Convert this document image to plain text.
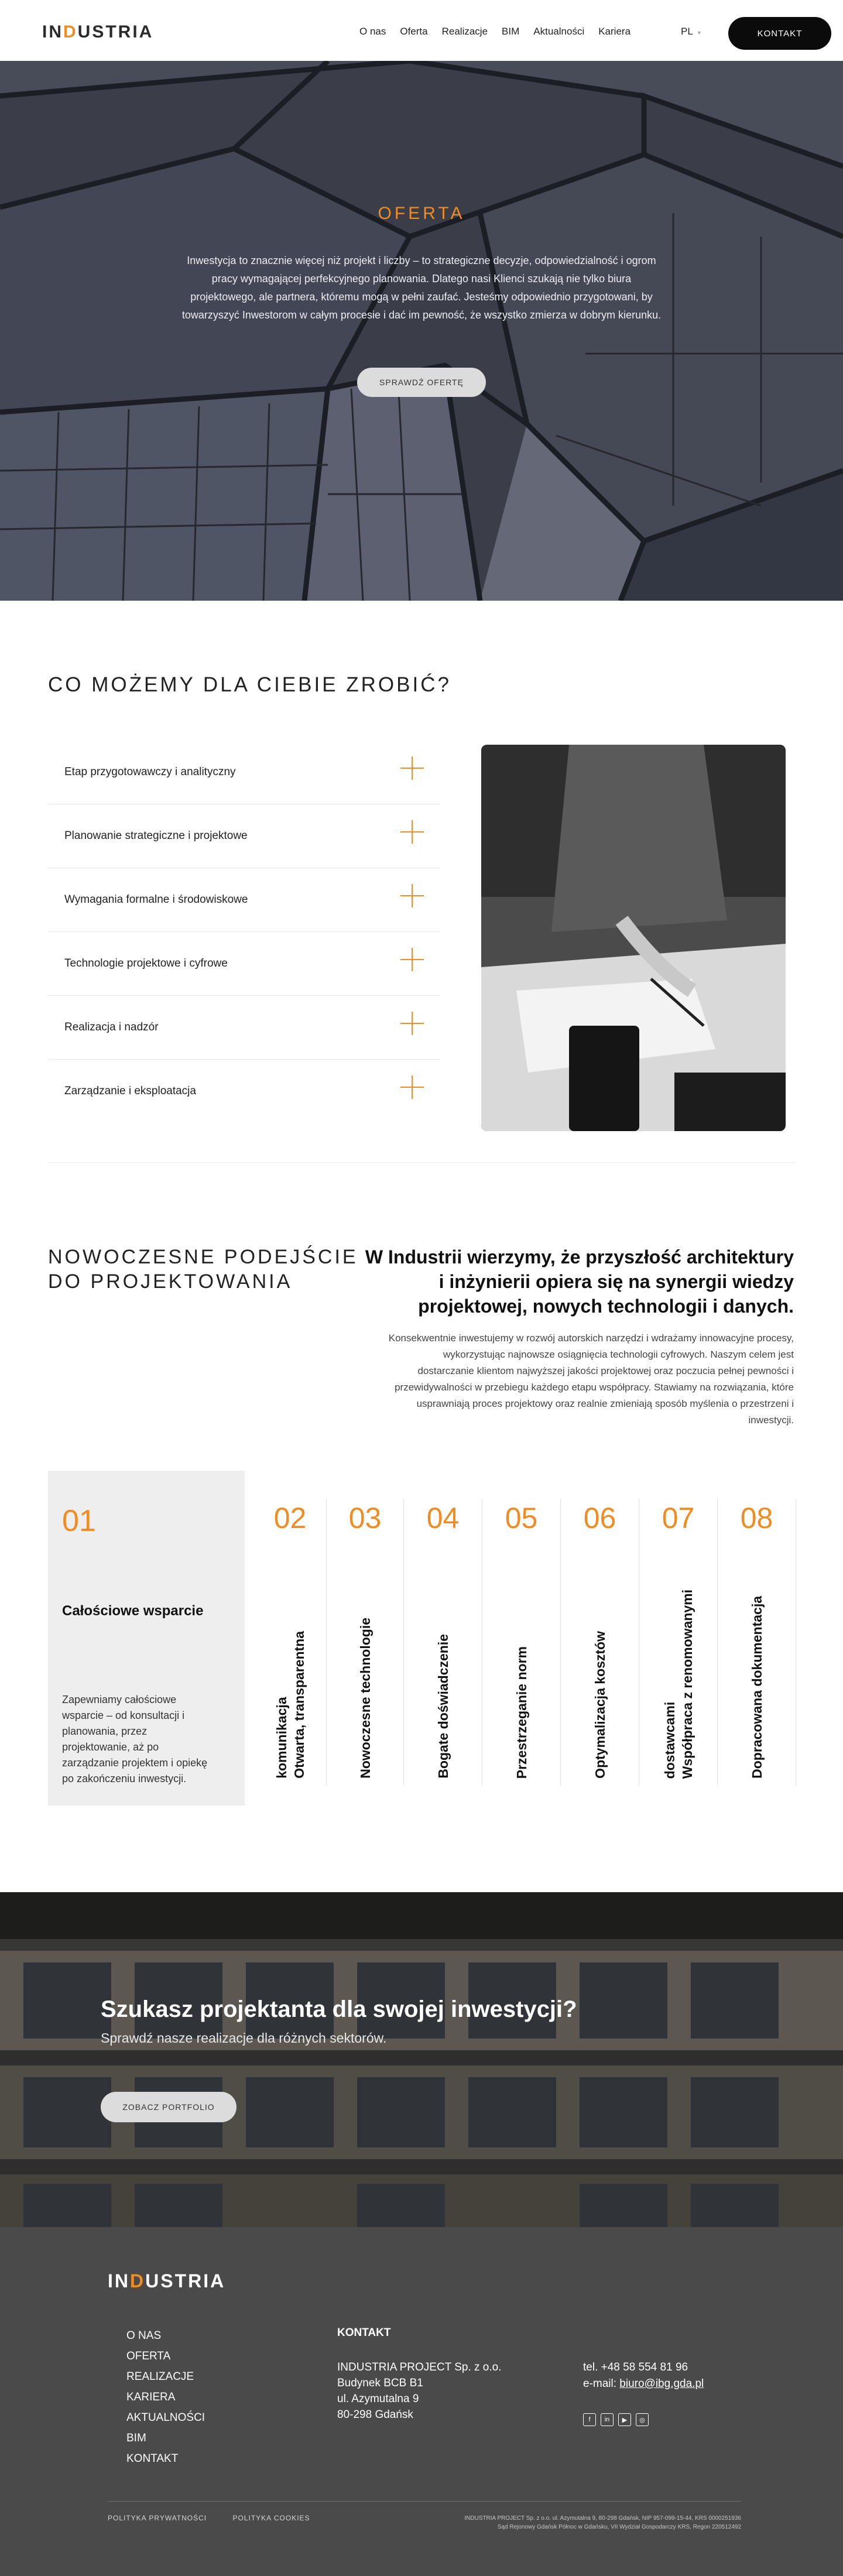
INDUSTRIA	O nas Oferta Realizacje BIM Aktualności Kariera	PL ▾	KONTAKT
OFERTA
Inwestycja to znacznie więcej niż projekt i liczby – to strategiczne decyzje, odpowiedzialność i ogrom pracy wymagającej perfekcyjnego planowania. Dlatego nasi Klienci szukają nie tylko biura projektowego, ale partnera, któremu mogą w pełni zaufać. Jesteśmy odpowiednio przygotowani, by towarzyszyć Inwestorom w całym procesie i dać im pewność, że wszystko zmierza w dobrym kierunku.
SPRAWDŹ OFERTĘ
CO MOŻEMY DLA CIEBIE ZROBIĆ?
Etap przygotowawczy i analityczny
Planowanie strategiczne i projektowe
Wymagania formalne i środowiskowe
Technologie projektowe i cyfrowe
Realizacja i nadzór
Zarządzanie i eksploatacja
NOWOCZESNE PODEJŚCIE
DO PROJEKTOWANIA
W Industrii wierzymy, że przyszłość architektury i inżynierii opiera się na synergii wiedzy projektowej, nowych technologii i danych.
Konsekwentnie inwestujemy w rozwój autorskich narzędzi i wdrażamy innowacyjne procesy, wykorzystując najnowsze osiągnięcia technologii cyfrowych. Naszym celem jest dostarczanie klientom najwyższej jakości projektowej oraz poczucia pełnej pewności i przewidywalności w przebiegu każdego etapu współpracy. Stawiamy na rozwiązania, które usprawniają proces projektowy oraz realnie zmieniają sposób myślenia o przestrzeni i inwestycji.
01
Całościowe wsparcie
Zapewniamy całościowe wsparcie – od konsultacji i planowania, przez projektowanie, aż po zarządzanie projektem i opiekę po zakończeniu inwestycji.
02
Otwarta, transparentna
komunikacja
03
Nowoczesne technologie
04
Bogate doświadczenie
05
Przestrzeganie norm
06
Optymalizacja kosztów
07
Współpraca z renomowanymi
dostawcami
08
Dopracowana dokumentacja
Szukasz projektanta dla swojej inwestycji?
Sprawdź nasze realizacje dla różnych sektorów.
ZOBACZ PORTFOLIO
INDUSTRIA
O NAS
OFERTA
REALIZACJE
KARIERA
AKTUALNOŚCI
BIM
KONTAKT
KONTAKT
INDUSTRIA PROJECT Sp. z o.o.
Budynek BCB B1
ul. Azymutalna 9
80-298 Gdańsk
tel. +48 58 554 81 96
e-mail: biuro@ibg.gda.pl
f	in	▶	◎
POLITYKA PRYWATNOŚCI	POLITYKA COOKIES	INDUSTRIA PROJECT Sp. z o.o. ul. Azymutalna 9, 80-298 Gdańsk, NIP 957-099-15-44, KRS 0000251936
Sąd Rejonowy Gdańsk Północ w Gdańsku, VII Wydział Gospodarczy KRS, Regon 220512492
